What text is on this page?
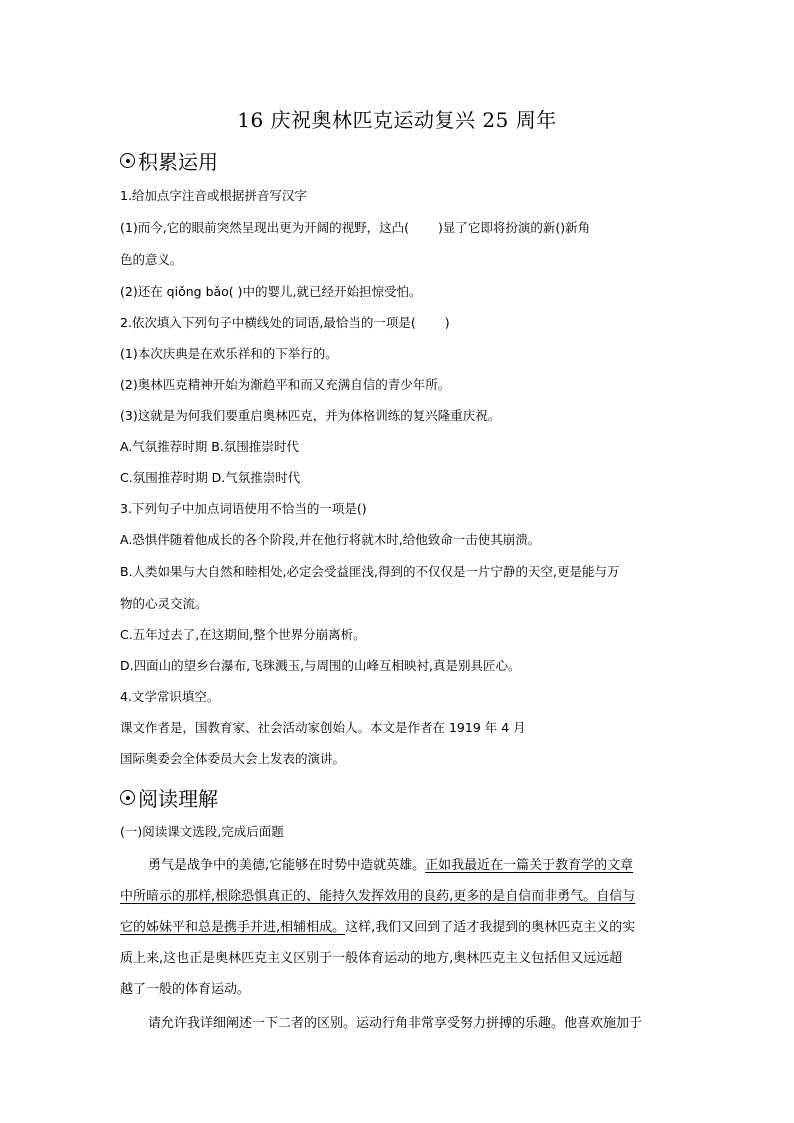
16 庆祝奥林匹克运动复兴 25 周年
积累运用
1.给加点字注音或根据拼音写汉字
(1)而今,它的眼前突然呈现出更为开阔的视野，这凸(　　 )显了它即将扮演的新()新角
色的意义。
(2)还在 qiǒng bǎo( )中的婴儿,就已经开始担惊受怕。
2.依次填入下列句子中横线处的词语,最恰当的一项是(　　 )
(1)本次庆典是在欢乐祥和的下举行的。
(2)奥林匹克精神开始为渐趋平和而又充满自信的青少年所。
(3)这就是为何我们要重启奥林匹克，并为体格训练的复兴隆重庆祝。
A.气氛推荐时期 B.氛围推崇时代
C.氛围推荐时期 D.气氛推崇时代
3.下列句子中加点词语使用不恰当的一项是()
A.恐惧伴随着他成长的各个阶段,并在他行将就木时,给他致命一击使其崩溃。
B.人类如果与大自然和睦相处,必定会受益匪浅,得到的不仅仅是一片宁静的天空,更是能与万
物的心灵交流。
C.五年过去了,在这期间,整个世界分崩离析。
D.四面山的望乡台瀑布,飞珠溅玉,与周围的山峰互相映衬,真是别具匠心。
4.文学常识填空。
课文作者是，国教育家、社会活动家创始人。本文是作者在 1919 年 4 月
国际奥委会全体委员大会上发表的演讲。
阅读理解
(一)阅读课文选段,完成后面题
勇气是战争中的美德,它能够在时势中造就英雄。正如我最近在一篇关于教育学的文章
中所暗示的那样,根除恐惧真正的、能持久发挥效用的良药,更多的是自信而非勇气。自信与
它的姊妹平和总是携手并进,相辅相成。这样,我们又回到了适才我提到的奥林匹克主义的实
质上来,这也正是奥林匹克主义区别于一般体育运动的地方,奥林匹克主义包括但又远远超
越了一般的体育运动。
请允许我详细阐述一下二者的区别。运动行角非常享受努力拼搏的乐趣。他喜欢施加于
